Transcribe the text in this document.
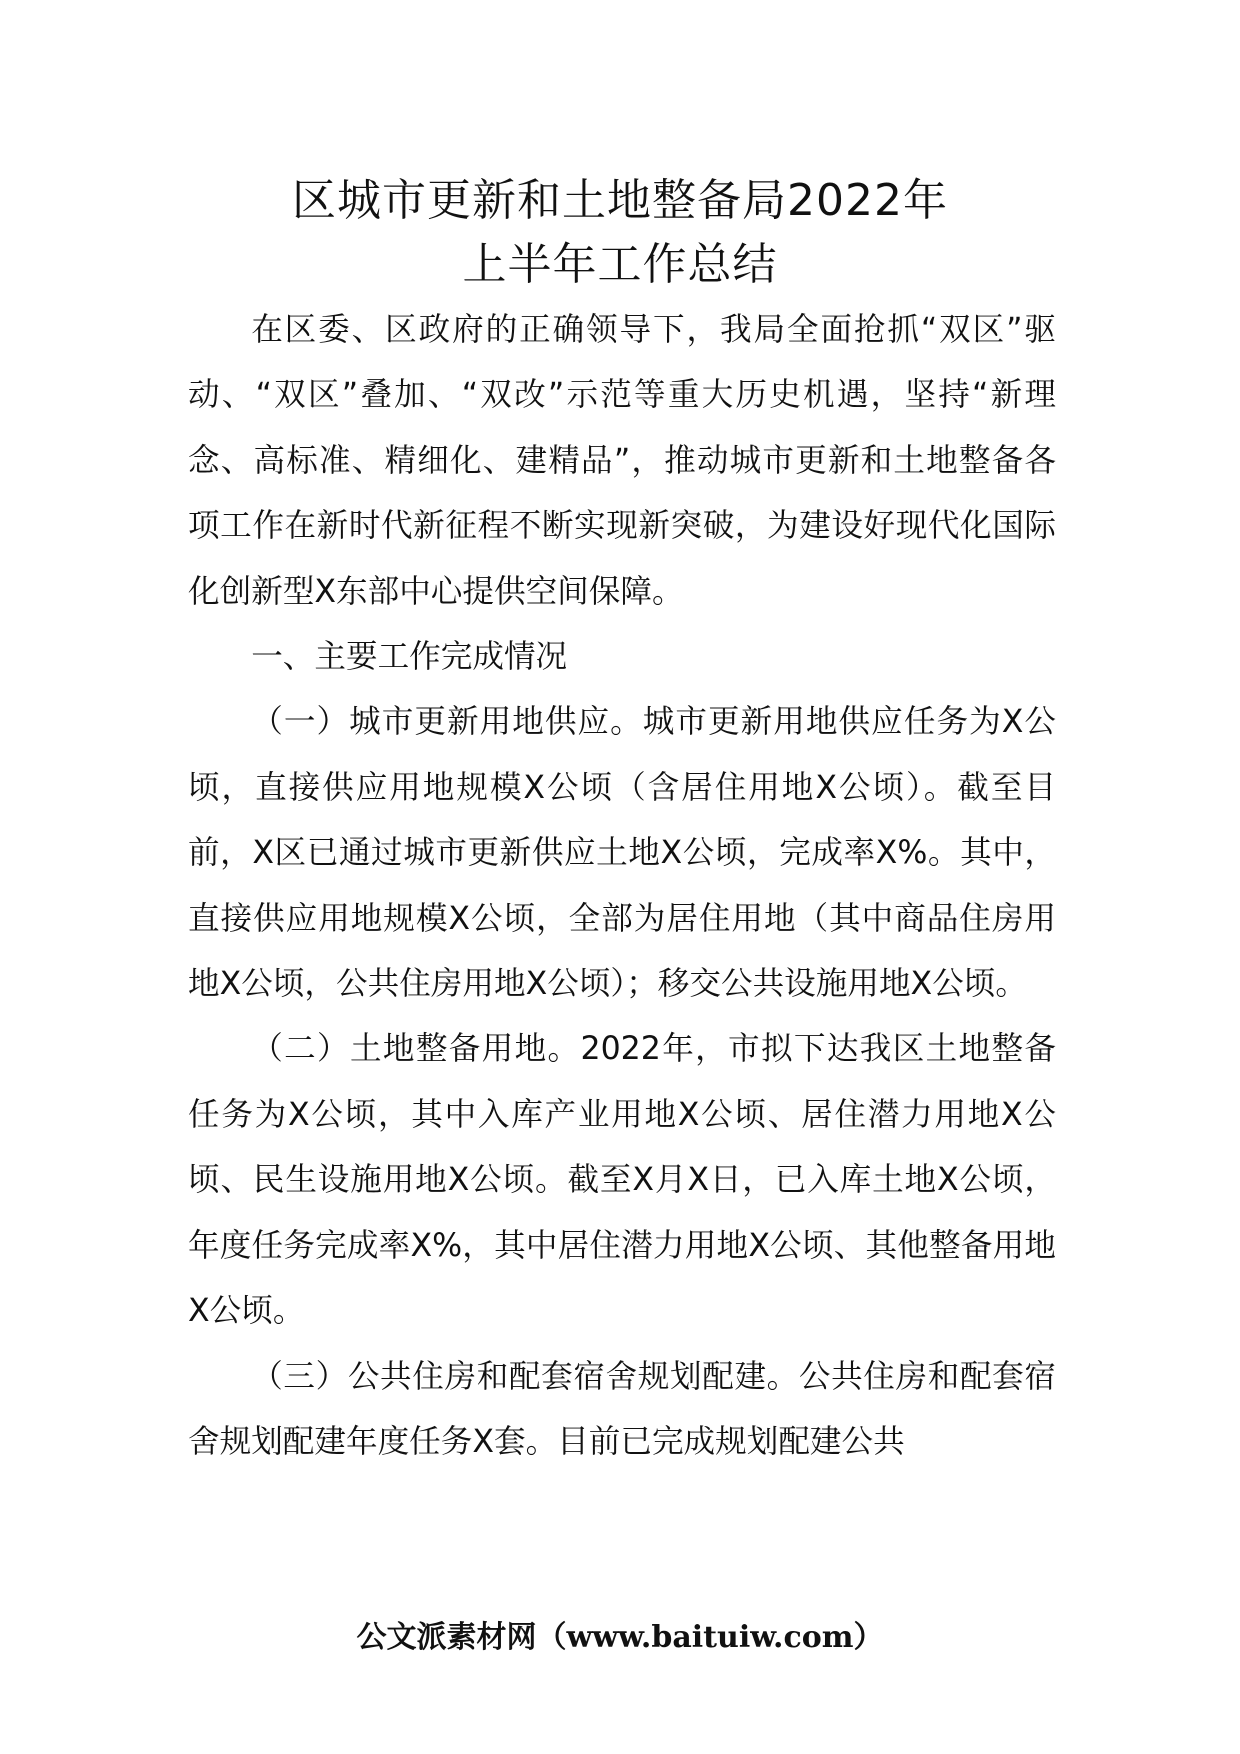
区城市更新和土地整备局2022年
上半年工作总结

在区委、区政府的正确领导下，我局全面抢抓“双区”驱动、“双区”叠加、“双改”示范等重大历史机遇，坚持“新理念、高标准、精细化、建精品”，推动城市更新和土地整备各项工作在新时代新征程不断实现新突破，为建设好现代化国际化创新型X东部中心提供空间保障。

一、主要工作完成情况

（一）城市更新用地供应。城市更新用地供应任务为X公顷，直接供应用地规模X公顷（含居住用地X公顷）。截至目前，X区已通过城市更新供应土地X公顷，完成率X%。其中，直接供应用地规模X公顷，全部为居住用地（其中商品住房用地X公顷，公共住房用地X公顷）；移交公共设施用地X公顷。

（二）土地整备用地。2022年，市拟下达我区土地整备任务为X公顷，其中入库产业用地X公顷、居住潜力用地X公顷、民生设施用地X公顷。截至X月X日，已入库土地X公顷，年度任务完成率X%，其中居住潜力用地X公顷、其他整备用地X公顷。

（三）公共住房和配套宿舍规划配建。公共住房和配套宿舍规划配建年度任务X套。目前已完成规划配建公共

公文派素材网（www.baituiw.com）
